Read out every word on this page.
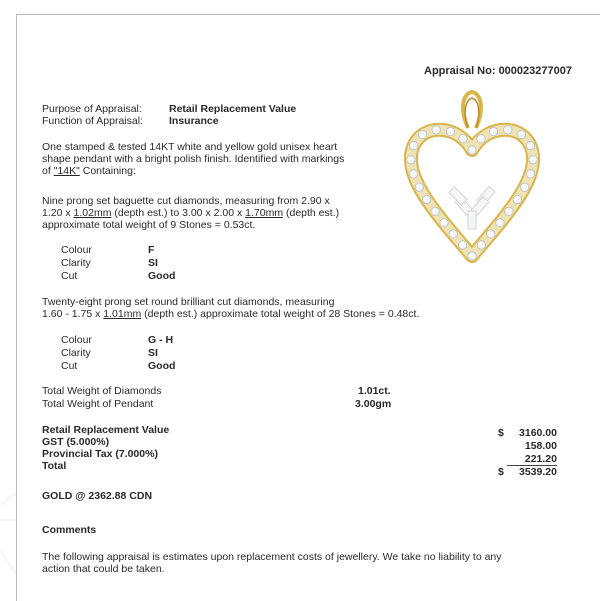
Appraisal No: 000023277007
Purpose of Appraisal:	Retail Replacement Value
Function of Appraisal: Insurance
One stamped & tested 14KT white and yellow gold unisex heart
shape pendant with a bright polish finish. Identified with markings
of "14K" Containing:
Nine prong set baguette cut diamonds, measuring from 2.90 x
1.20 x 1.02mm (depth est.) to 3.00 x 2.00 x 1.70mm (depth est.)
approximate total weight of 9 Stones = 0.53ct.
Colour	F
Clarity	SI
Cut	Good
Twenty-eight prong set round brilliant cut diamonds, measuring
1.60 - 1.75 x 1.01mm (depth est.) approximate total weight of 28 Stones = 0.48ct.
Colour	G - H
Clarity	SI
Cut	Good
Total Weight of Diamonds	1.01ct.
Total Weight of Pendant	3.00gm
Retail Replacement Value	$	3160.00
GST (5.000%)	158.00
Provincial Tax (7.000%)	221.20
Total	$	3539.20
GOLD @ 2362.88 CDN
Comments
The following appraisal is estimates upon replacement costs of jewellery. We take no liability to any
action that could be taken.
